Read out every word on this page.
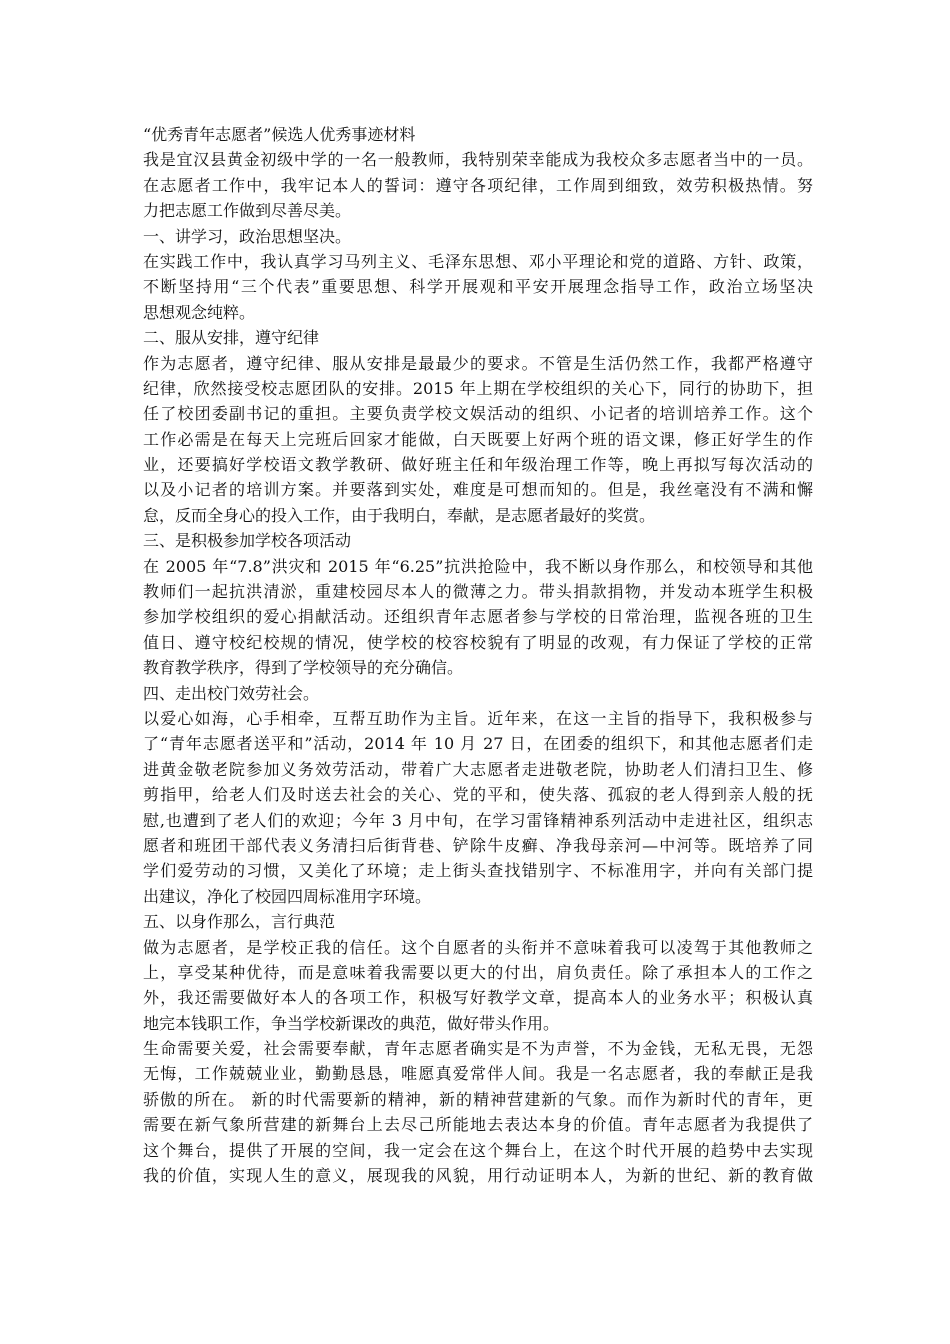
“优秀青年志愿者”候选人优秀事迹材料
我是宜汉县黄金初级中学的一名一般教师，我特别荣幸能成为我校众多志愿者当中的一员。
在志愿者工作中，我牢记本人的誓词：遵守各项纪律，工作周到细致，效劳积极热情。努
力把志愿工作做到尽善尽美。
一、讲学习，政治思想坚决。
在实践工作中，我认真学习马列主义、毛泽东思想、邓小平理论和党的道路、方针、政策，
不断坚持用“三个代表”重要思想、科学开展观和平安开展理念指导工作，政治立场坚决
思想观念纯粹。
二、服从安排，遵守纪律
作为志愿者，遵守纪律、服从安排是最最少的要求。不管是生活仍然工作，我都严格遵守
纪律，欣然接受校志愿团队的安排。2015 年上期在学校组织的关心下，同行的协助下，担
任了校团委副书记的重担。主要负责学校文娱活动的组织、小记者的培训培养工作。这个
工作必需是在每天上完班后回家才能做，白天既要上好两个班的语文课，修正好学生的作
业，还要搞好学校语文教学教研、做好班主任和年级治理工作等，晚上再拟写每次活动的
以及小记者的培训方案。并要落到实处，难度是可想而知的。但是，我丝毫没有不满和懈
怠，反而全身心的投入工作，由于我明白，奉献，是志愿者最好的奖赏。
三、是积极参加学校各项活动
在 2005 年“7.8”洪灾和 2015 年“6.25”抗洪抢险中，我不断以身作那么，和校领导和其他
教师们一起抗洪清淤，重建校园尽本人的微薄之力。带头捐款捐物，并发动本班学生积极
参加学校组织的爱心捐献活动。还组织青年志愿者参与学校的日常治理，监视各班的卫生
值日、遵守校纪校规的情况，使学校的校容校貌有了明显的改观，有力保证了学校的正常
教育教学秩序，得到了学校领导的充分确信。
四、走出校门效劳社会。
以爱心如海，心手相牵，互帮互助作为主旨。近年来，在这一主旨的指导下，我积极参与
了“青年志愿者送平和”活动，2014 年 10 月 27 日，在团委的组织下，和其他志愿者们走
进黄金敬老院参加义务效劳活动，带着广大志愿者走进敬老院，协助老人们清扫卫生、修
剪指甲，给老人们及时送去社会的关心、党的平和，使失落、孤寂的老人得到亲人般的抚
慰,也遭到了老人们的欢迎；今年 3 月中旬，在学习雷锋精神系列活动中走进社区，组织志
愿者和班团干部代表义务清扫后街背巷、铲除牛皮癣、净我母亲河—中河等。既培养了同
学们爱劳动的习惯，又美化了环境；走上街头查找错别字、不标准用字，并向有关部门提
出建议，净化了校园四周标准用字环境。
五、以身作那么，言行典范
做为志愿者，是学校正我的信任。这个自愿者的头衔并不意味着我可以凌驾于其他教师之
上，享受某种优待，而是意味着我需要以更大的付出，肩负责任。除了承担本人的工作之
外，我还需要做好本人的各项工作，积极写好教学文章，提高本人的业务水平；积极认真
地完本钱职工作，争当学校新课改的典范，做好带头作用。
生命需要关爱，社会需要奉献，青年志愿者确实是不为声誉，不为金钱，无私无畏，无怨
无悔，工作兢兢业业，勤勤恳恳，唯愿真爱常伴人间。我是一名志愿者，我的奉献正是我
骄傲的所在。 新的时代需要新的精神，新的精神营建新的气象。而作为新时代的青年，更
需要在新气象所营建的新舞台上去尽己所能地去表达本身的价值。青年志愿者为我提供了
这个舞台，提供了开展的空间，我一定会在这个舞台上，在这个时代开展的趋势中去实现
我的价值，实现人生的意义，展现我的风貌，用行动证明本人，为新的世纪、新的教育做
